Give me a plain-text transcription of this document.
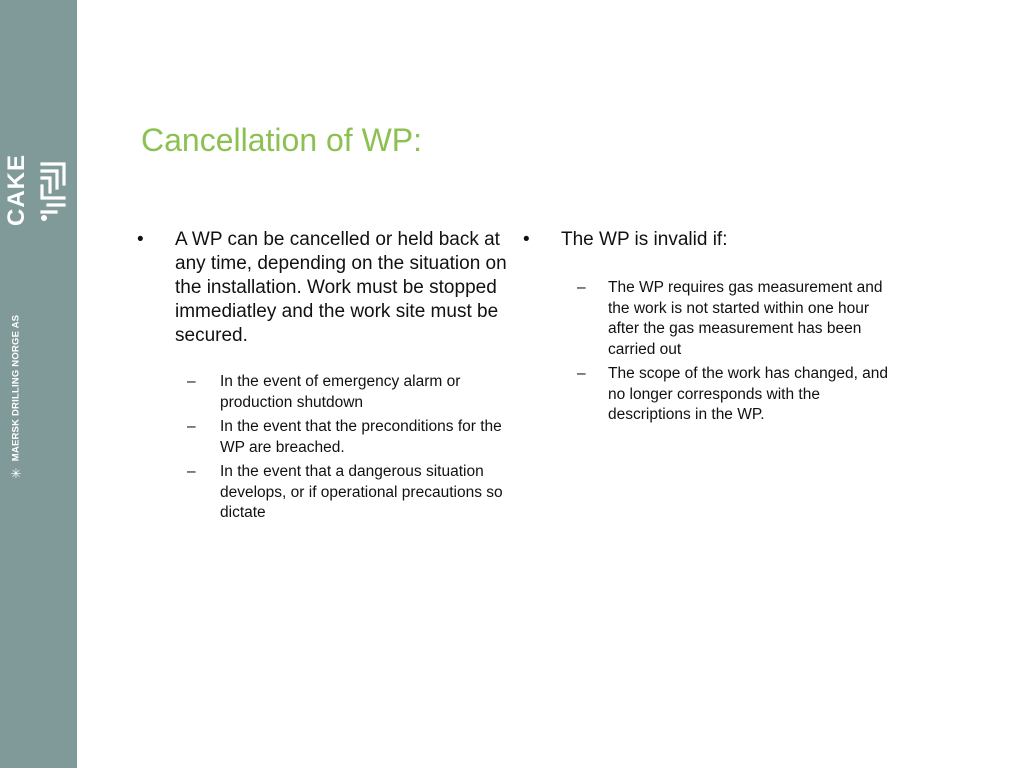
CAKE
MAERSK DRILLING NORGE AS
✳
Cancellation of WP:
•	A WP can be cancelled or held back at any time, depending on the situation on the installation. Work must be stopped immediatley and the work site must be secured.
–	In the event of emergency alarm or production shutdown
–	In the event that the preconditions for the WP are breached.
–	In the event that a dangerous situation develops, or if operational precautions so dictate
•	The WP is invalid if:
–	The WP requires gas measurement and the work is not started within one hour after the gas measurement has been carried out
–	The scope of the work has changed, and no longer corresponds with the descriptions in the WP.
